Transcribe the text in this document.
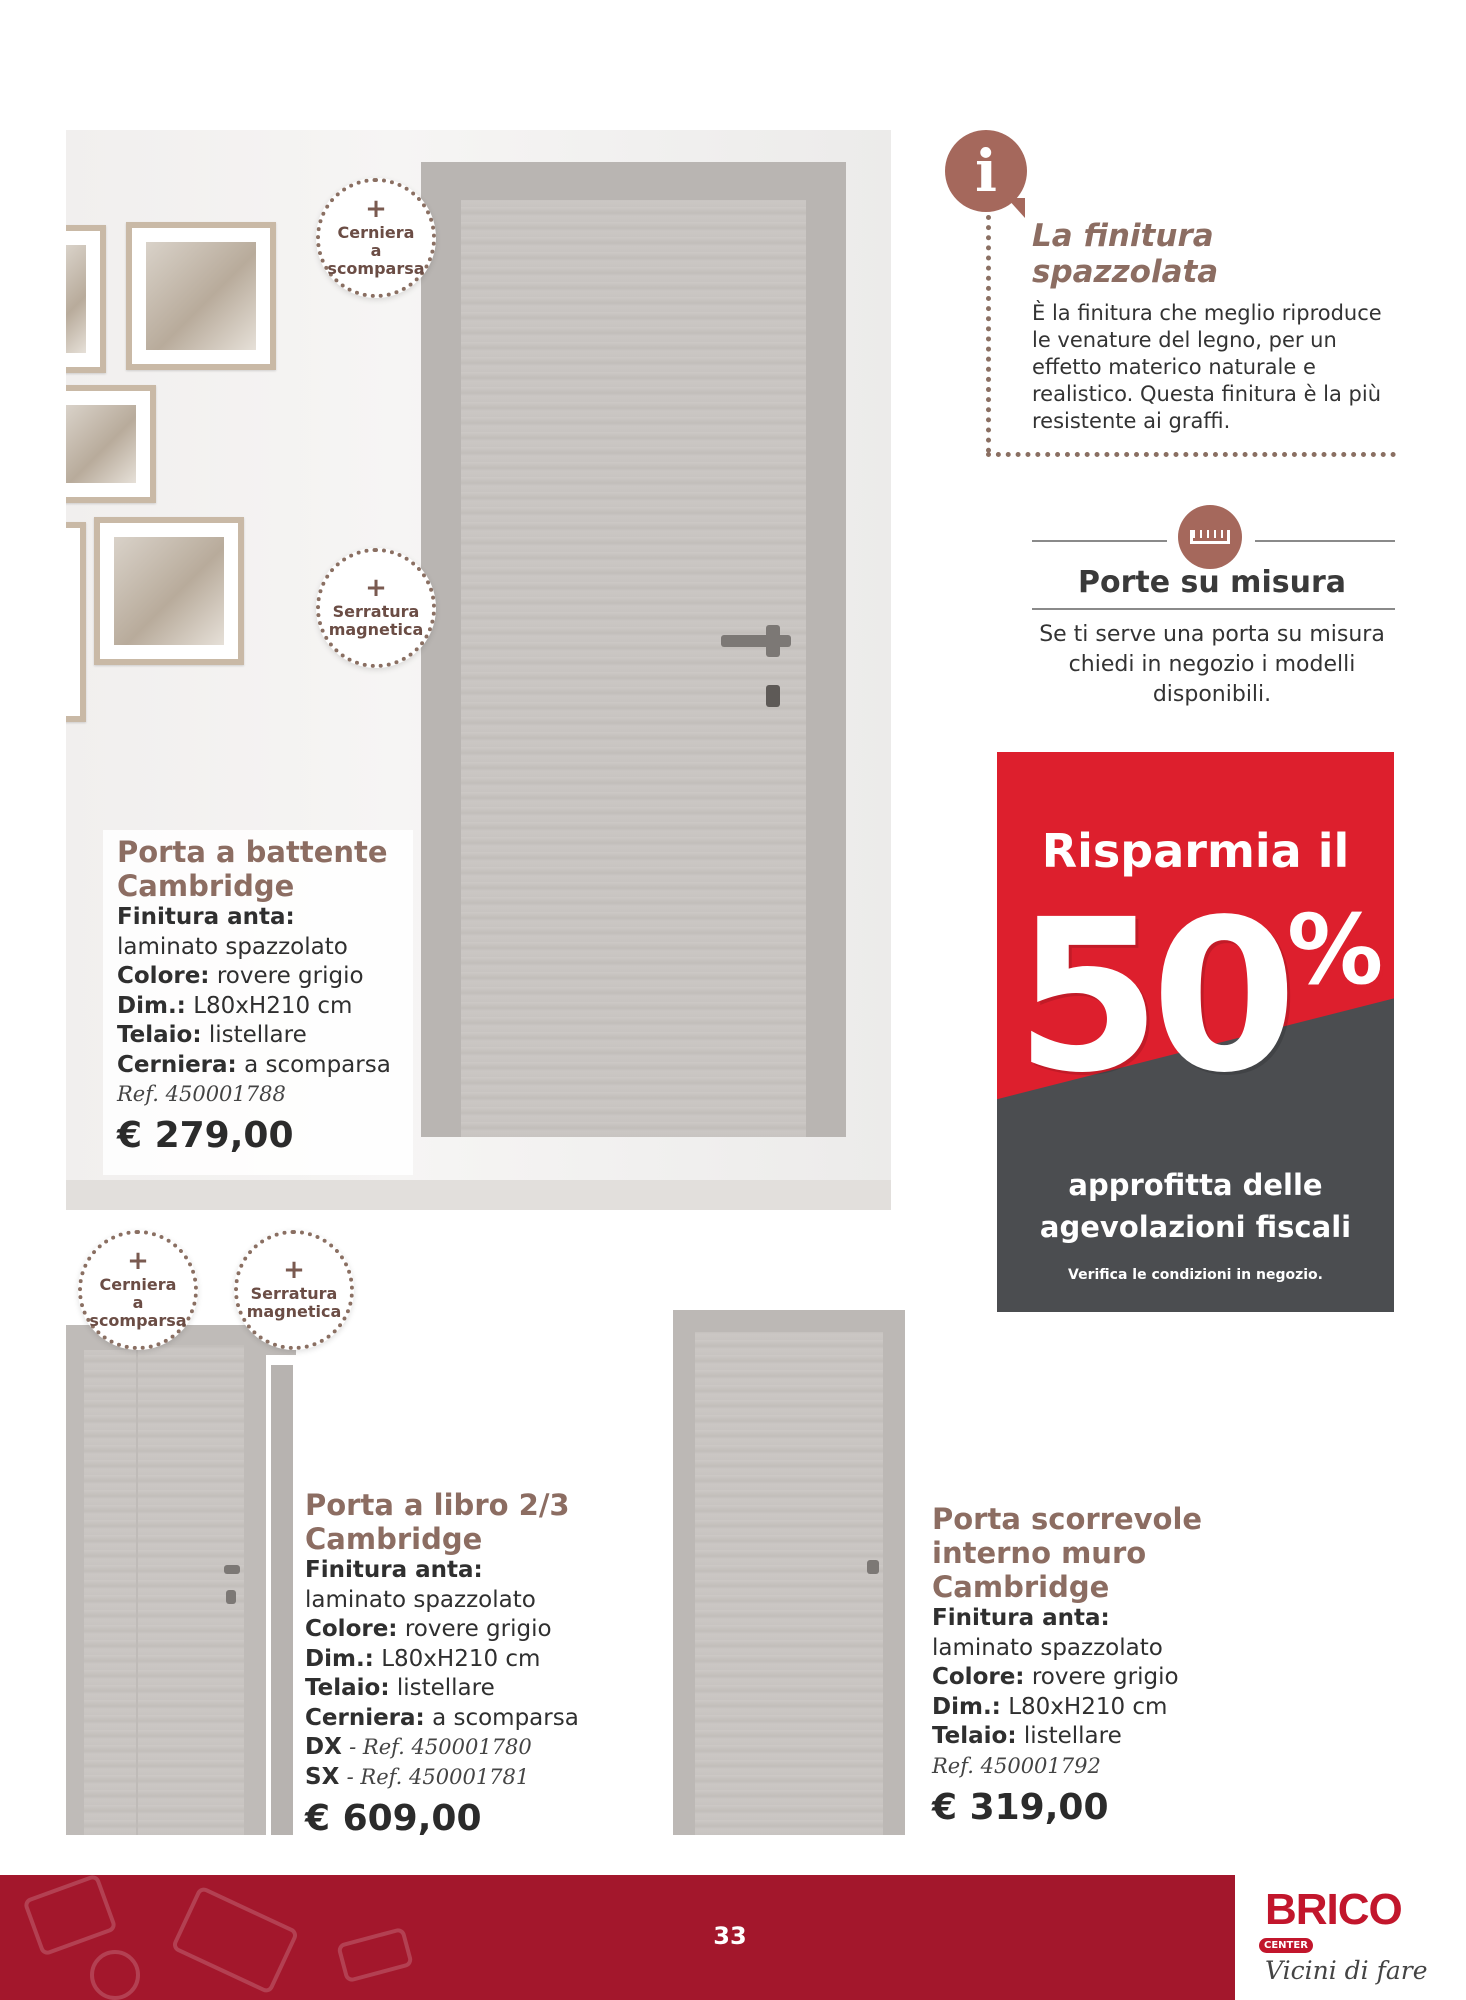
+
Cerniera
a scomparsa
+
Serratura
magnetica
Porta a battente
Cambridge
Finitura anta:
laminato spazzolato
Colore: rovere grigio
Dim.: L80xH210 cm
Telaio: listellare
Cerniera: a scomparsa
Ref. 450001788
€ 279,00
i
La finitura
spazzolata
È la finitura che meglio riproduce le venature del legno, per un effetto materico naturale e realistico. Questa finitura è la più resistente ai graffi.
Porte su misura
Se ti serve una porta su misura chiedi in negozio i modelli disponibili.
Risparmia il
50 %
approfitta delle
agevolazioni fiscali
Verifica le condizioni in negozio.
+
Cerniera
a scomparsa
+
Serratura
magnetica
Porta a libro 2/3
Cambridge
Finitura anta:
laminato spazzolato
Colore: rovere grigio
Dim.: L80xH210 cm
Telaio: listellare
Cerniera: a scomparsa
DX - Ref. 450001780
SX - Ref. 450001781
€ 609,00
Porta scorrevole
interno muro
Cambridge
Finitura anta:
laminato spazzolato
Colore: rovere grigio
Dim.: L80xH210 cm
Telaio: listellare
Ref. 450001792
€ 319,00
33
BRICOCENTER
Vicini di fare
